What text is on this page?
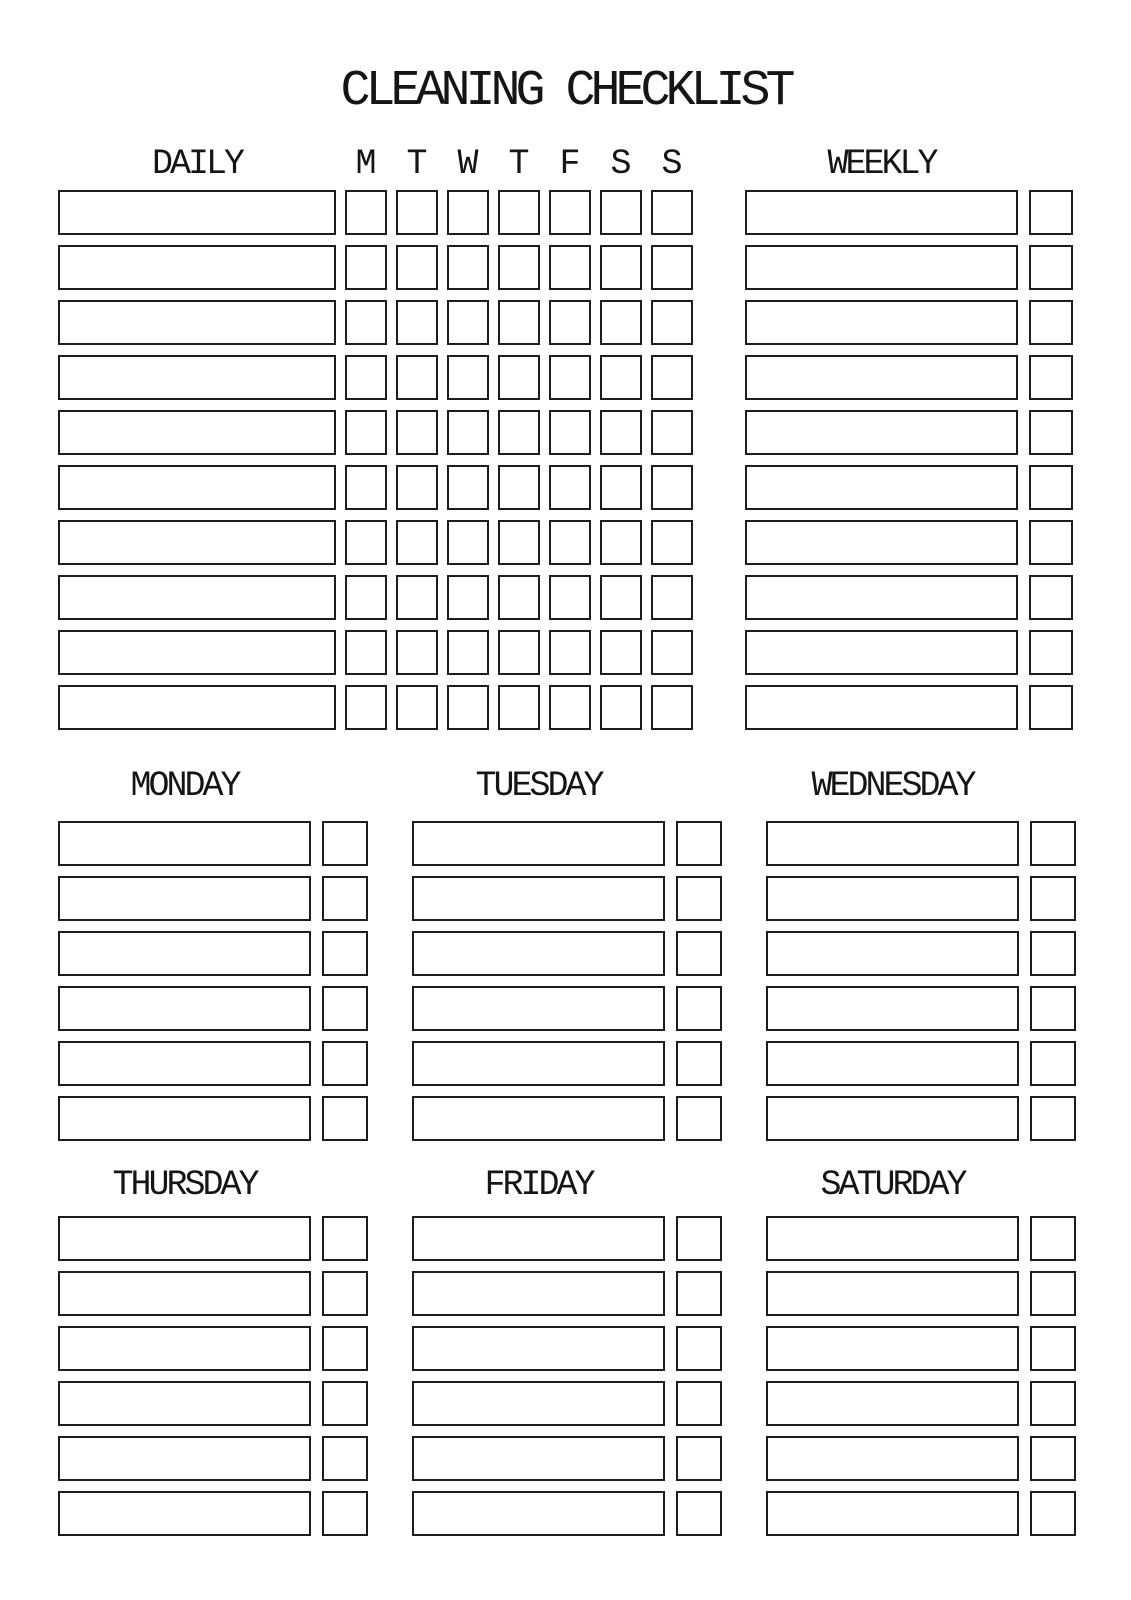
CLEANING CHECKLIST
DAILY	M T W T F S S	WEEKLY
MONDAY	TUESDAY	WEDNESDAY
THURSDAY	FRIDAY	SATURDAY
